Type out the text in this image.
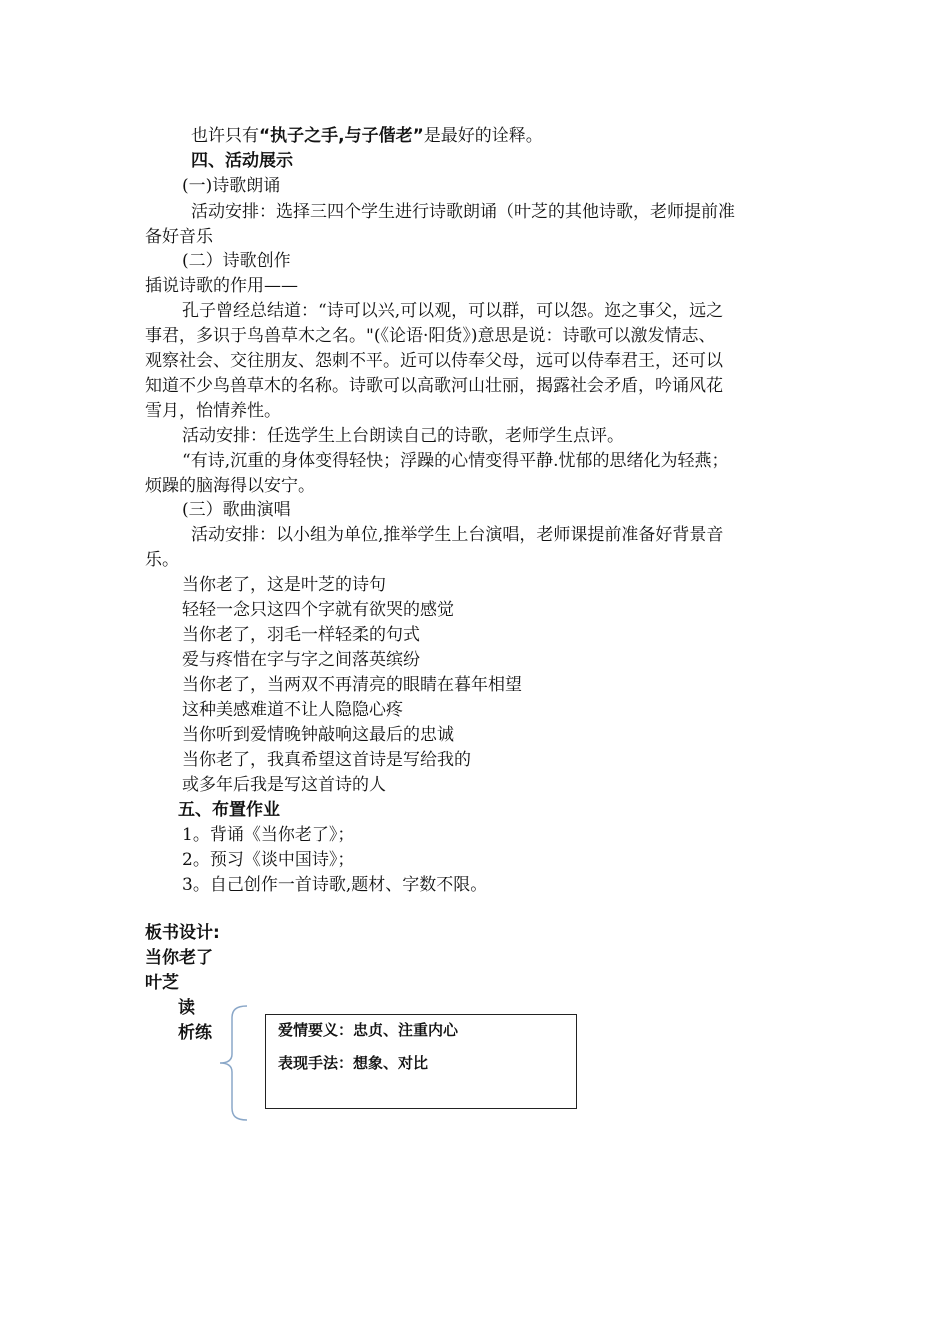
也许只有“执子之手,与子偕老”是最好的诠释。

四、活动展示

(一)诗歌朗诵

活动安排：选择三四个学生进行诗歌朗诵（叶芝的其他诗歌，老师提前准

备好音乐

(二）诗歌创作

插说诗歌的作用——

孔子曾经总结道：“诗可以兴,可以观，可以群，可以怨。迩之事父，远之

事君，多识于鸟兽草木之名。"(《论语·阳货》)意思是说：诗歌可以激发情志、

观察社会、交往朋友、怨刺不平。近可以侍奉父母，远可以侍奉君王，还可以

知道不少鸟兽草木的名称。诗歌可以高歌河山壮丽，揭露社会矛盾，吟诵风花

雪月，怡情养性。

活动安排：任选学生上台朗读自己的诗歌，老师学生点评。

“有诗,沉重的身体变得轻快；浮躁的心情变得平静.忧郁的思绪化为轻燕；

烦躁的脑海得以安宁。

(三）歌曲演唱

活动安排：以小组为单位,推举学生上台演唱，老师课提前准备好背景音

乐。

当你老了，这是叶芝的诗句

轻轻一念只这四个字就有欲哭的感觉

当你老了，羽毛一样轻柔的句式

爱与疼惜在字与字之间落英缤纷

当你老了，当两双不再清亮的眼睛在暮年相望

这种美感难道不让人隐隐心疼

当你听到爱情晚钟敲响这最后的忠诚

当你老了，我真希望这首诗是写给我的

或多年后我是写这首诗的人

五、布置作业

1。背诵《当你老了》；

2。预习《谈中国诗》；

3。自己创作一首诗歌,题材、字数不限。

板书设计:

当你老了

叶芝

读

析练	爱情要义：忠贞、注重内心
表现手法：想象、对比
